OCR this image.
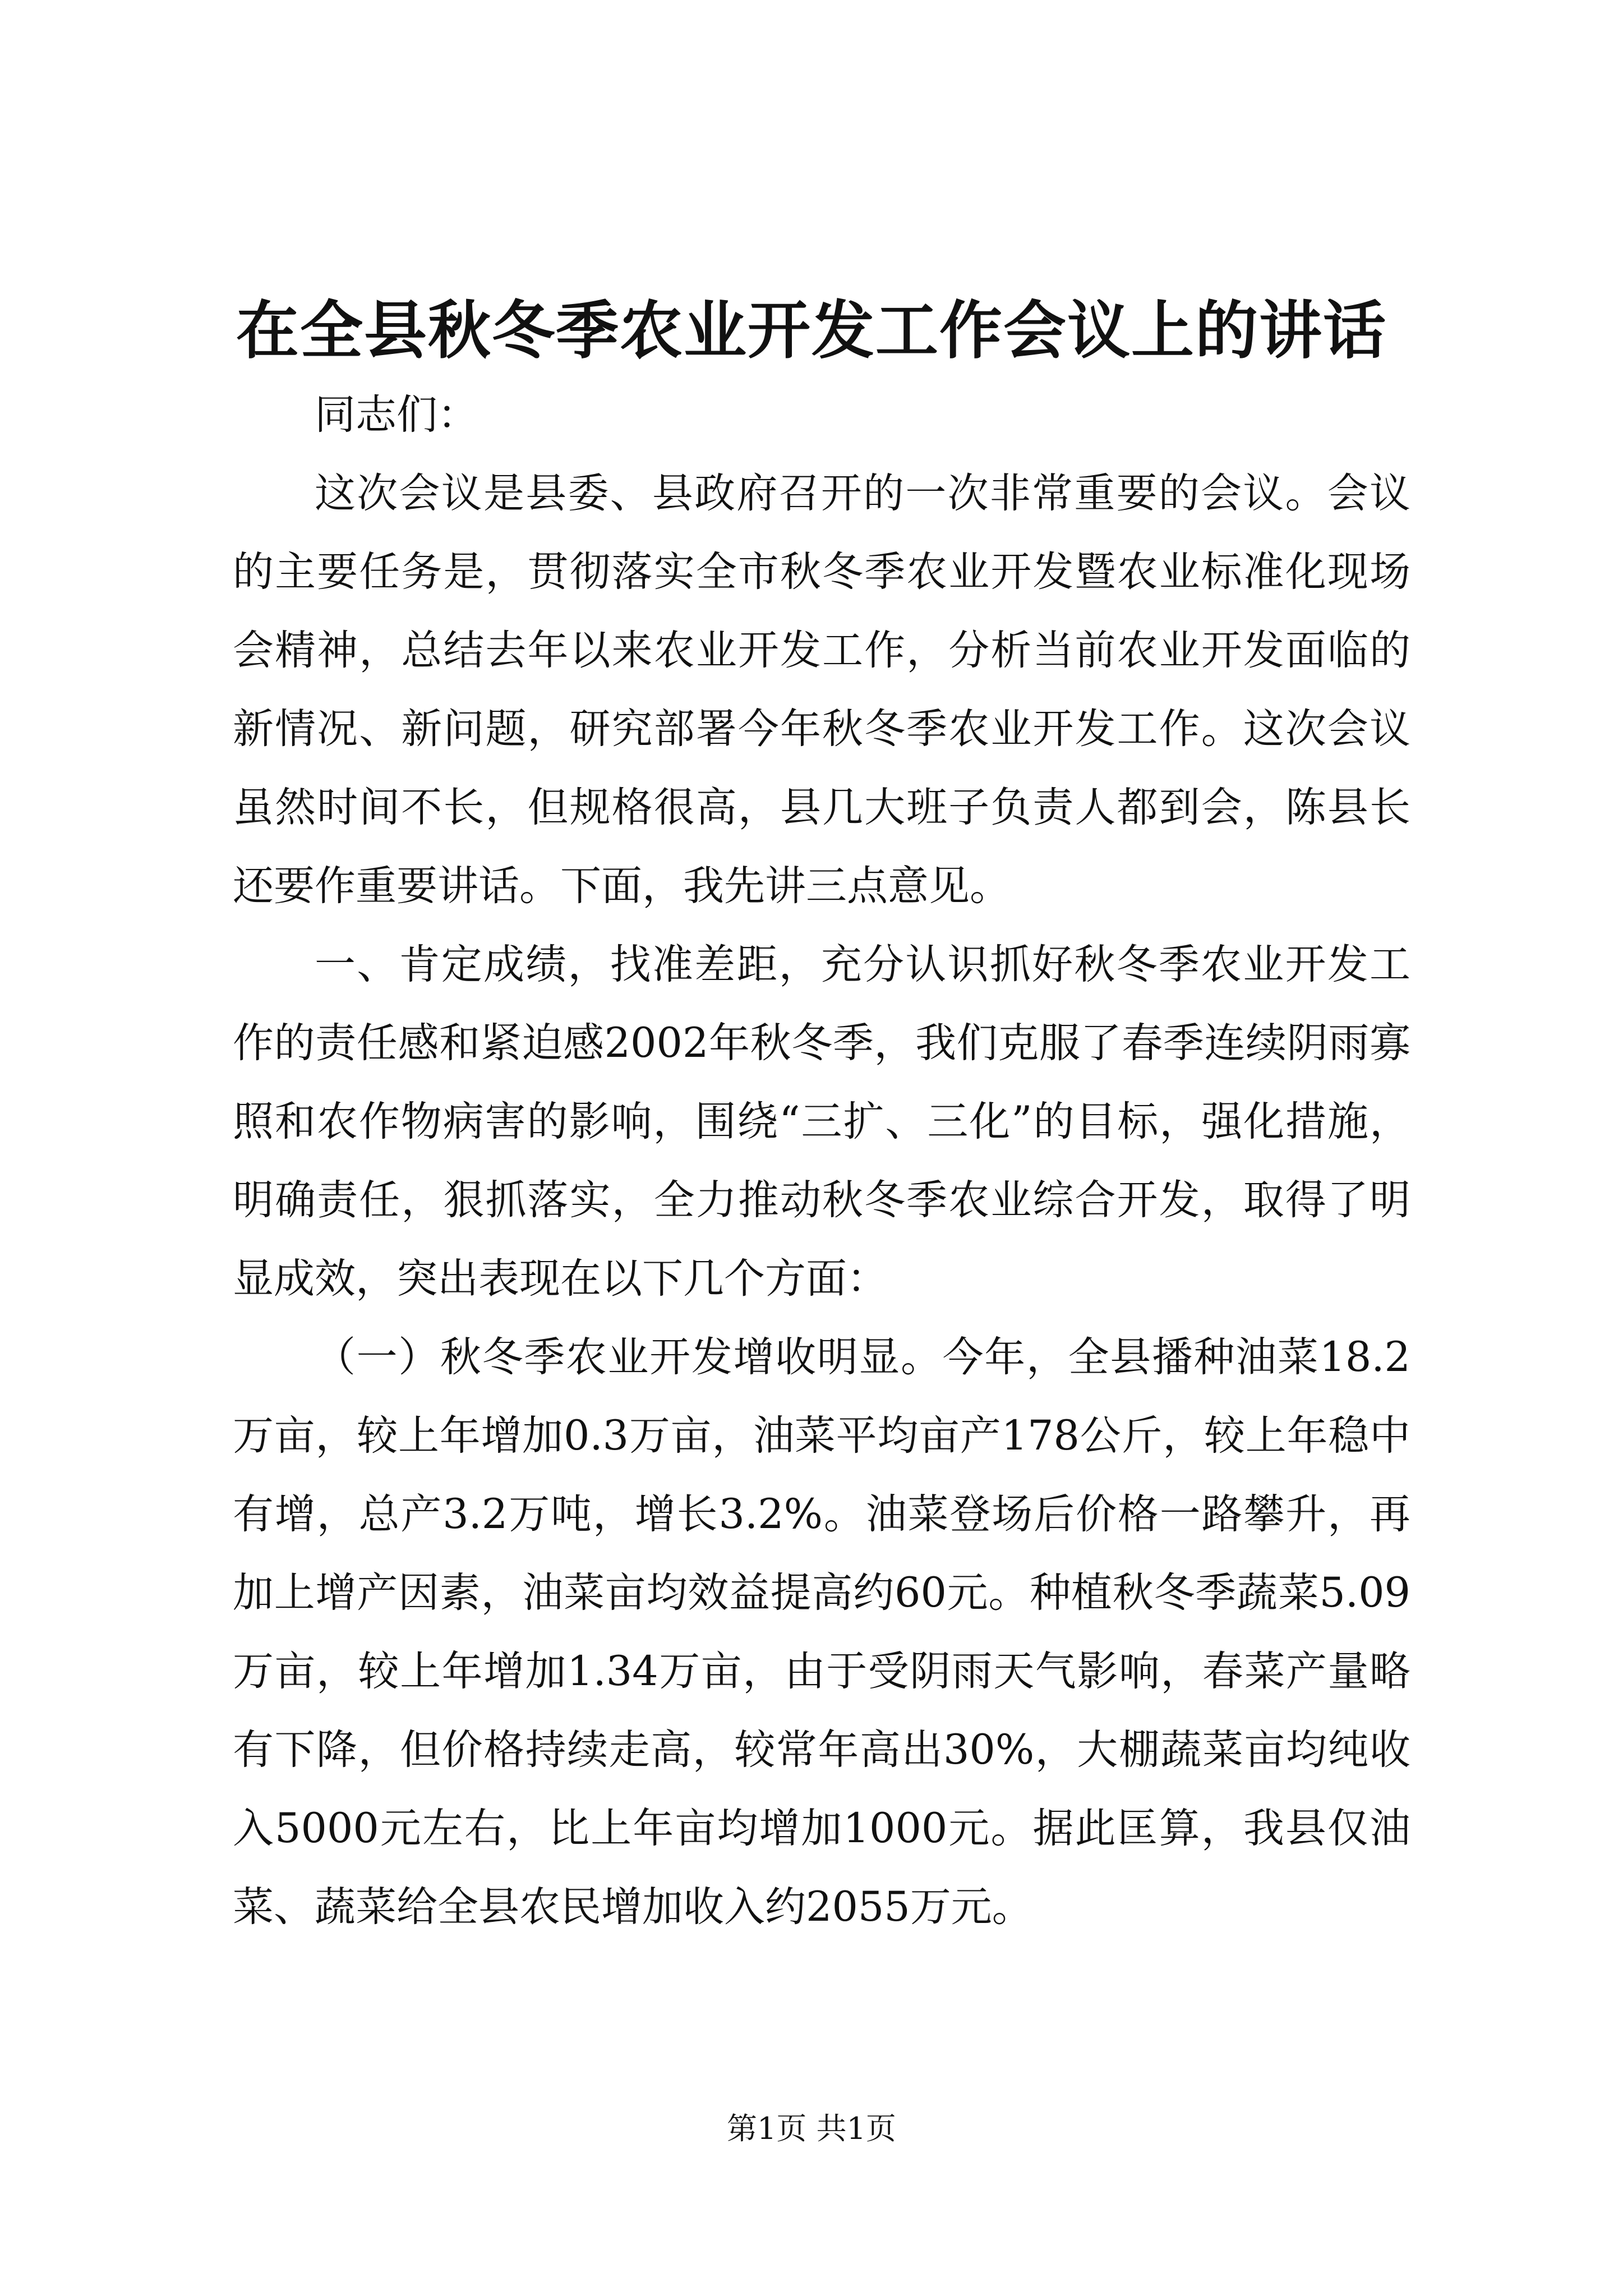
在全县秋冬季农业开发工作会议上的讲话

同志们：

这次会议是县委、县政府召开的一次非常重要的会议。会议的主要任务是，贯彻落实全市秋冬季农业开发暨农业标准化现场会精神，总结去年以来农业开发工作，分析当前农业开发面临的新情况、新问题，研究部署今年秋冬季农业开发工作。这次会议虽然时间不长，但规格很高，县几大班子负责人都到会，陈县长还要作重要讲话。下面，我先讲三点意见。

一、肯定成绩，找准差距，充分认识抓好秋冬季农业开发工作的责任感和紧迫感2002年秋冬季，我们克服了春季连续阴雨寡照和农作物病害的影响，围绕“三扩、三化”的目标，强化措施，明确责任，狠抓落实，全力推动秋冬季农业综合开发，取得了明显成效，突出表现在以下几个方面：

（一）秋冬季农业开发增收明显。今年，全县播种油菜18.2万亩，较上年增加0.3万亩，油菜平均亩产178公斤，较上年稳中有增，总产3.2万吨，增长3.2%。油菜登场后价格一路攀升，再加上增产因素，油菜亩均效益提高约60元。种植秋冬季蔬菜5.09万亩，较上年增加1.34万亩，由于受阴雨天气影响，春菜产量略有下降，但价格持续走高，较常年高出30%，大棚蔬菜亩均纯收入5000元左右，比上年亩均增加1000元。据此匡算，我县仅油菜、蔬菜给全县农民增加收入约2055万元。

第1页 共1页
